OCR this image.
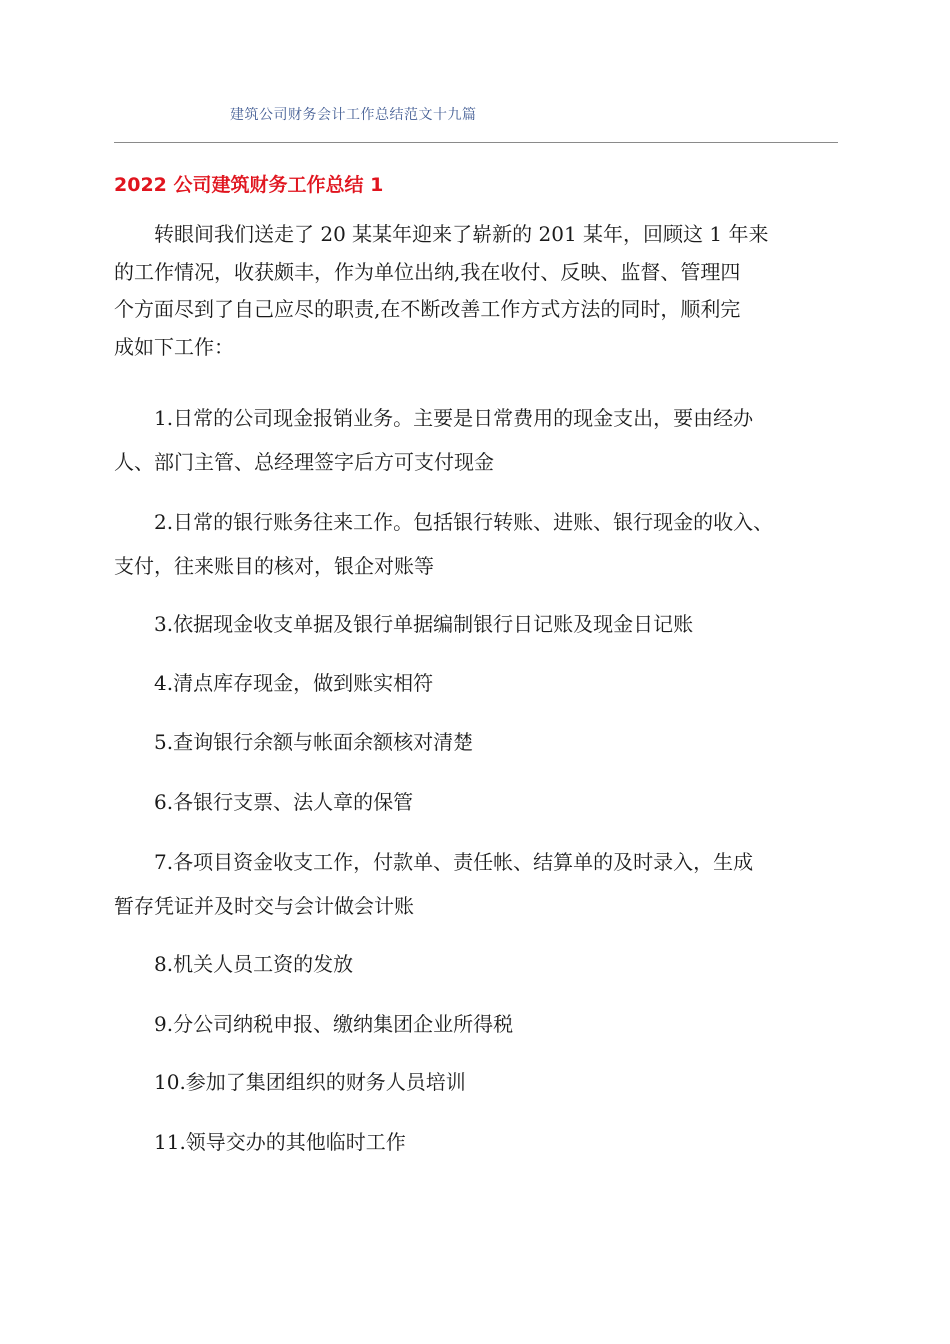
建筑公司财务会计工作总结范文十九篇
2022 公司建筑财务工作总结 1
　　转眼间我们送走了 20 某某年迎来了崭新的 201 某年，回顾这 1 年来
的工作情况，收获颇丰，作为单位出纳,我在收付、反映、监督、管理四
个方面尽到了自己应尽的职责,在不断改善工作方式方法的同时，顺利完
成如下工作：
　　1.日常的公司现金报销业务。主要是日常费用的现金支出，要由经办
人、部门主管、总经理签字后方可支付现金
　　2.日常的银行账务往来工作。包括银行转账、进账、银行现金的收入、
支付，往来账目的核对，银企对账等
　　3.依据现金收支单据及银行单据编制银行日记账及现金日记账
　　4.清点库存现金，做到账实相符
　　5.查询银行余额与帐面余额核对清楚
　　6.各银行支票、法人章的保管
　　7.各项目资金收支工作，付款单、责任帐、结算单的及时录入，生成
暂存凭证并及时交与会计做会计账
　　8.机关人员工资的发放
　　9.分公司纳税申报、缴纳集团企业所得税
　　10.参加了集团组织的财务人员培训
　　11.领导交办的其他临时工作
